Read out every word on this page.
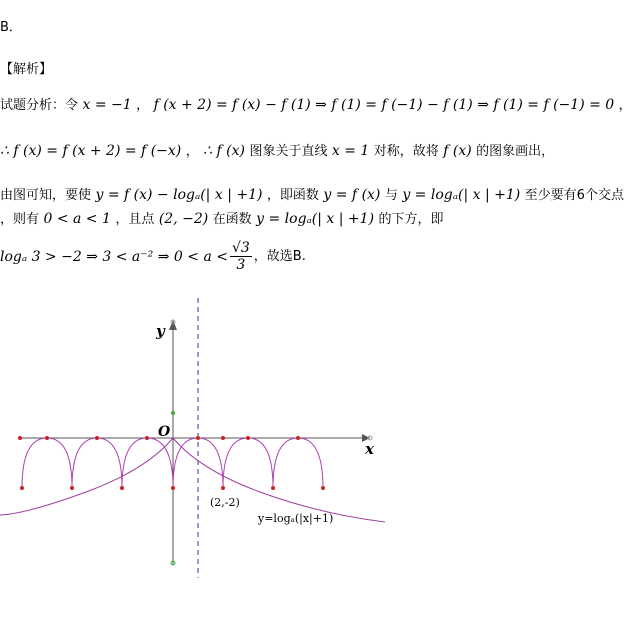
B．
【解析】
试题分析：令 x = −1 ， f (x + 2) = f (x) − f (1) ⇒ f (1) = f (−1) − f (1) ⇒ f (1) = f (−1) = 0 ，
∴ f (x) = f (x + 2) = f (−x) ， ∴ f (x) 图象关于直线 x = 1 对称，故将 f (x) 的图象画出，
由图可知，要使 y = f (x) − logₐ(| x | +1) ，即函数 y = f (x) 与 y = logₐ(| x | +1) 至少要有6个交点
，则有 0 < a < 1 ，且点 (2, −2) 在函数 y = logₐ(| x | +1) 的下方，即
logₐ 3 > −2 ⇒ 3 < a⁻² ⇒ $0 < a < \frac{√3}{3}$ ，故选B.
y
x
O
(2,-2)
y=logₐ(|x|+1)
